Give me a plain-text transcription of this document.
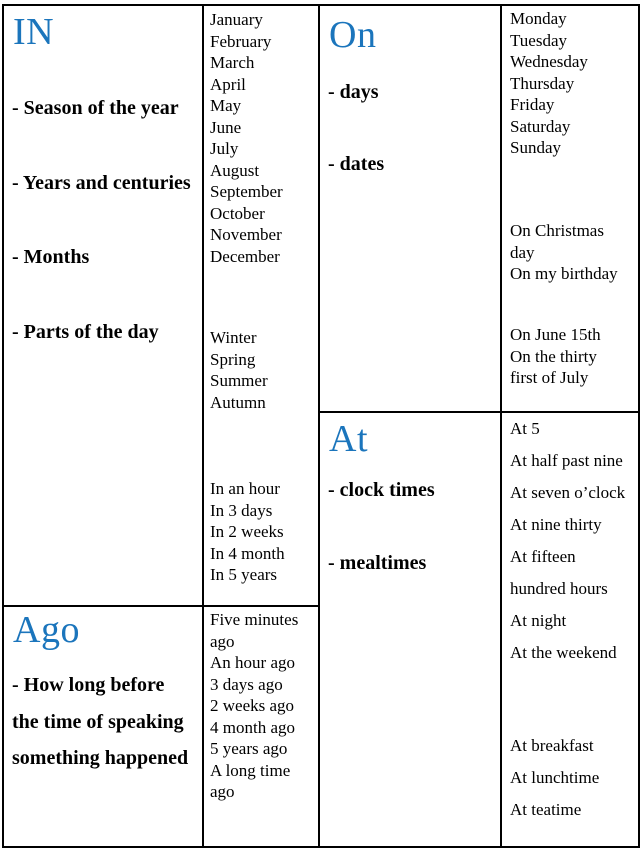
IN
- Season of the year
- Years and centuries
- Months
- Parts of the day
January
February
March
April
May
June
July
August
September
October
November
December
Winter
Spring
Summer
Autumn
In an hour
In 3 days
In 2 weeks
In 4 month
In 5 years
Ago
- How long before
the time of speaking
something happened
Five minutes ago
An hour ago
3 days ago
2 weeks ago
4 month ago
5 years ago
A long time ago
On
- days
- dates
Monday
Tuesday
Wednesday
Thursday
Friday
Saturday
Sunday
On Christmas day
On my birthday
On June 15th
On the thirty first of July
At
- clock times
- mealtimes
At 5
At half past nine
At seven o’clock
At nine thirty
At fifteen hundred hours
At night
At the weekend
At breakfast
At lunchtime
At teatime
